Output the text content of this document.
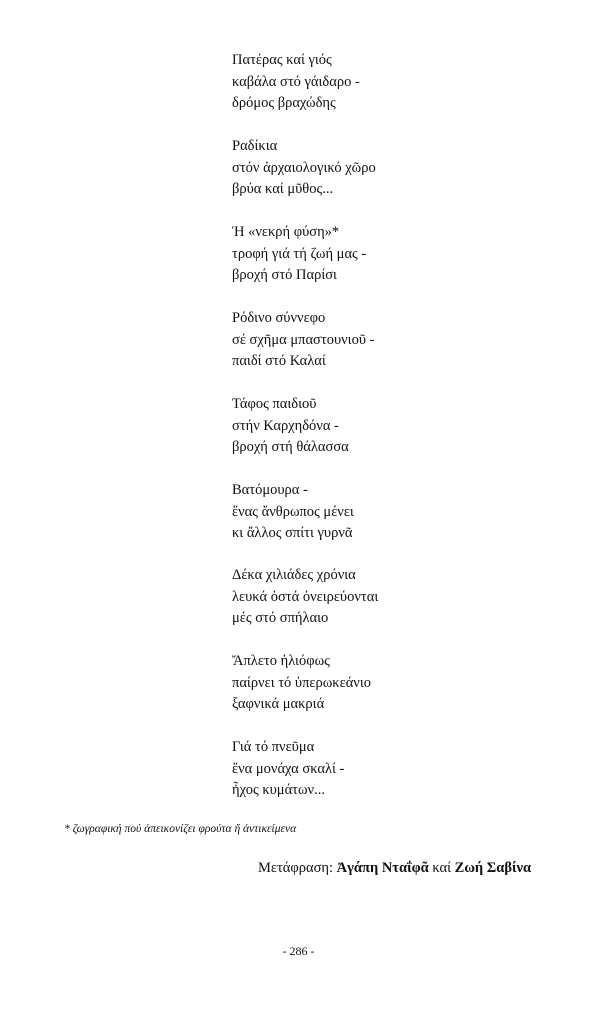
Πατέρας καί γιός
καβάλα στό γάιδαρο -
δρόμος βραχώδης
Ραδίκια
στόν ἀρχαιολογικό χῶρο
βρύα καί μῦθος...
Ἡ «νεκρή φύση»*
τροφή γιά τή ζωή μας -
βροχή στό Παρίσι
Ρόδινο σύννεφο
σέ σχῆμα μπαστουνιοῦ -
παιδί στό Καλαί
Τάφος παιδιοῦ
στήν Καρχηδόνα -
βροχή στή θάλασσα
Βατόμουρα -
ἕνας ἄνθρωπος μένει
κι ἄλλος σπίτι γυρνᾶ
Δέκα χιλιάδες χρόνια
λευκά ὀστά ὀνειρεύονται
μές στό σπήλαιο
Ἄπλετο ἡλιόφως
παίρνει τό ὑπερωκεάνιο
ξαφνικά μακριά
Γιά τό πνεῦμα
ἕνα μονάχα σκαλί -
ἦχος κυμάτων...
* ζωγραφική πού ἀπεικονίζει φρούτα ἤ ἀντικείμενα
Μετάφραση: Ἀγάπη Νταΐφᾶ καί Ζωή Σαβίνα
- 286 -
